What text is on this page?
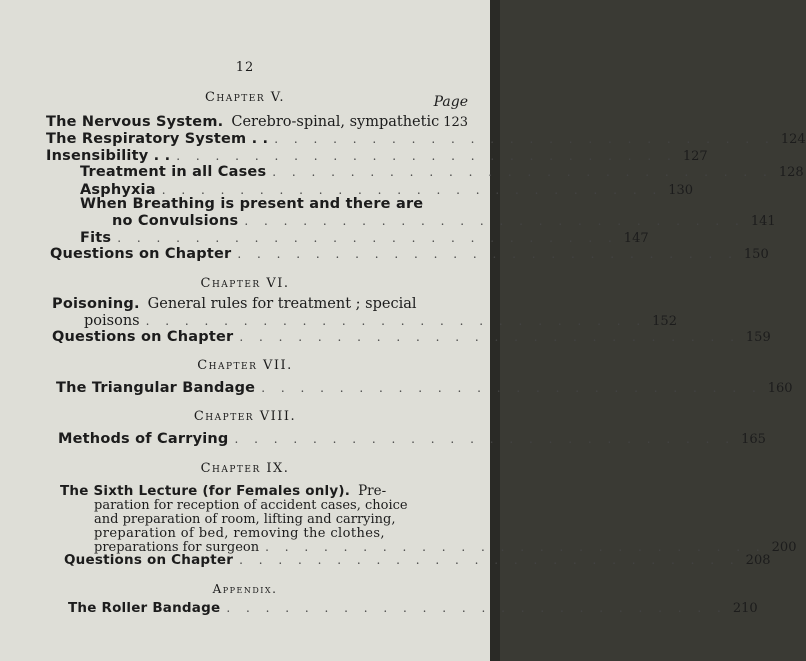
12
Chapter V.	Page
The Nervous System. Cerebro-spinal, sympathetic 123
The Respiratory System . . . . . . . . . . . . . . . . . . . . . . . . . . . . 124
Insensibility . . . . . . . . . . . . . . . . . . . . . . . . . . . . 127
Treatment in all Cases . . . . . . . . . . . . . . . . . . . . . . . . . . 128
Asphyxia . . . . . . . . . . . . . . . . . . . . . . . . . . 130
When Breathing is present and there are
no Convulsions . . . . . . . . . . . . . . . . . . . . . . . . . . 141
Fits . . . . . . . . . . . . . . . . . . . . . . . . . . 147
Questions on Chapter . . . . . . . . . . . . . . . . . . . . . . . . . . 150
Chapter VI.
Poisoning. General rules for treatment ; special
poisons . . . . . . . . . . . . . . . . . . . . . . . . . . 152
Questions on Chapter . . . . . . . . . . . . . . . . . . . . . . . . . . 159
Chapter VII.
The Triangular Bandage . . . . . . . . . . . . . . . . . . . . . . . . . . 160
Chapter VIII.
Methods of Carrying . . . . . . . . . . . . . . . . . . . . . . . . . . 165
Chapter IX.
The Sixth Lecture (for Females only). Pre-
paration for reception of accident cases, choice
and preparation of room, lifting and carrying,
preparation of bed, removing the clothes,
preparations for surgeon . . . . . . . . . . . . . . . . . . . . . . . . . . 200
Questions on Chapter . . . . . . . . . . . . . . . . . . . . . . . . . . 208
Appendix.
The Roller Bandage . . . . . . . . . . . . . . . . . . . . . . . . . . 210
